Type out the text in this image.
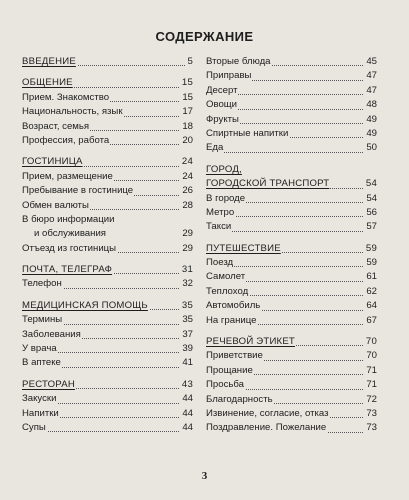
СОДЕРЖАНИЕ
ВВЕДЕНИЕ	5
ОБЩЕНИЕ	15
Прием. Знакомство	15
Национальность, язык	17
Возраст, семья	18
Профессия, работа	20
ГОСТИНИЦА	24
Прием, размещение	24
Пребывание в гостинице	26
Обмен валюты	28
В бюро информации
и обслуживания	29
Отъезд из гостиницы	29
ПОЧТА, ТЕЛЕГРАФ	31
Телефон	32
МЕДИЦИНСКАЯ ПОМОЩЬ	35
Термины	35
Заболевания	37
У врача	39
В аптеке	41
РЕСТОРАН	43
Закуски	44
Напитки	44
Супы	44
Вторые блюда	45
Приправы	47
Десерт	47
Овощи	48
Фрукты	49
Спиртные напитки	49
Еда	50
ГОРОД,
ГОРОДСКОЙ ТРАНСПОРТ	54
В городе	54
Метро	56
Такси	57
ПУТЕШЕСТВИЕ	59
Поезд	59
Самолет	61
Теплоход	62
Автомобиль	64
На границе	67
РЕЧЕВОЙ ЭТИКЕТ	70
Приветствие	70
Прощание	71
Просьба	71
Благодарность	72
Извинение, согласие, отказ	73
Поздравление. Пожелание	73
3
